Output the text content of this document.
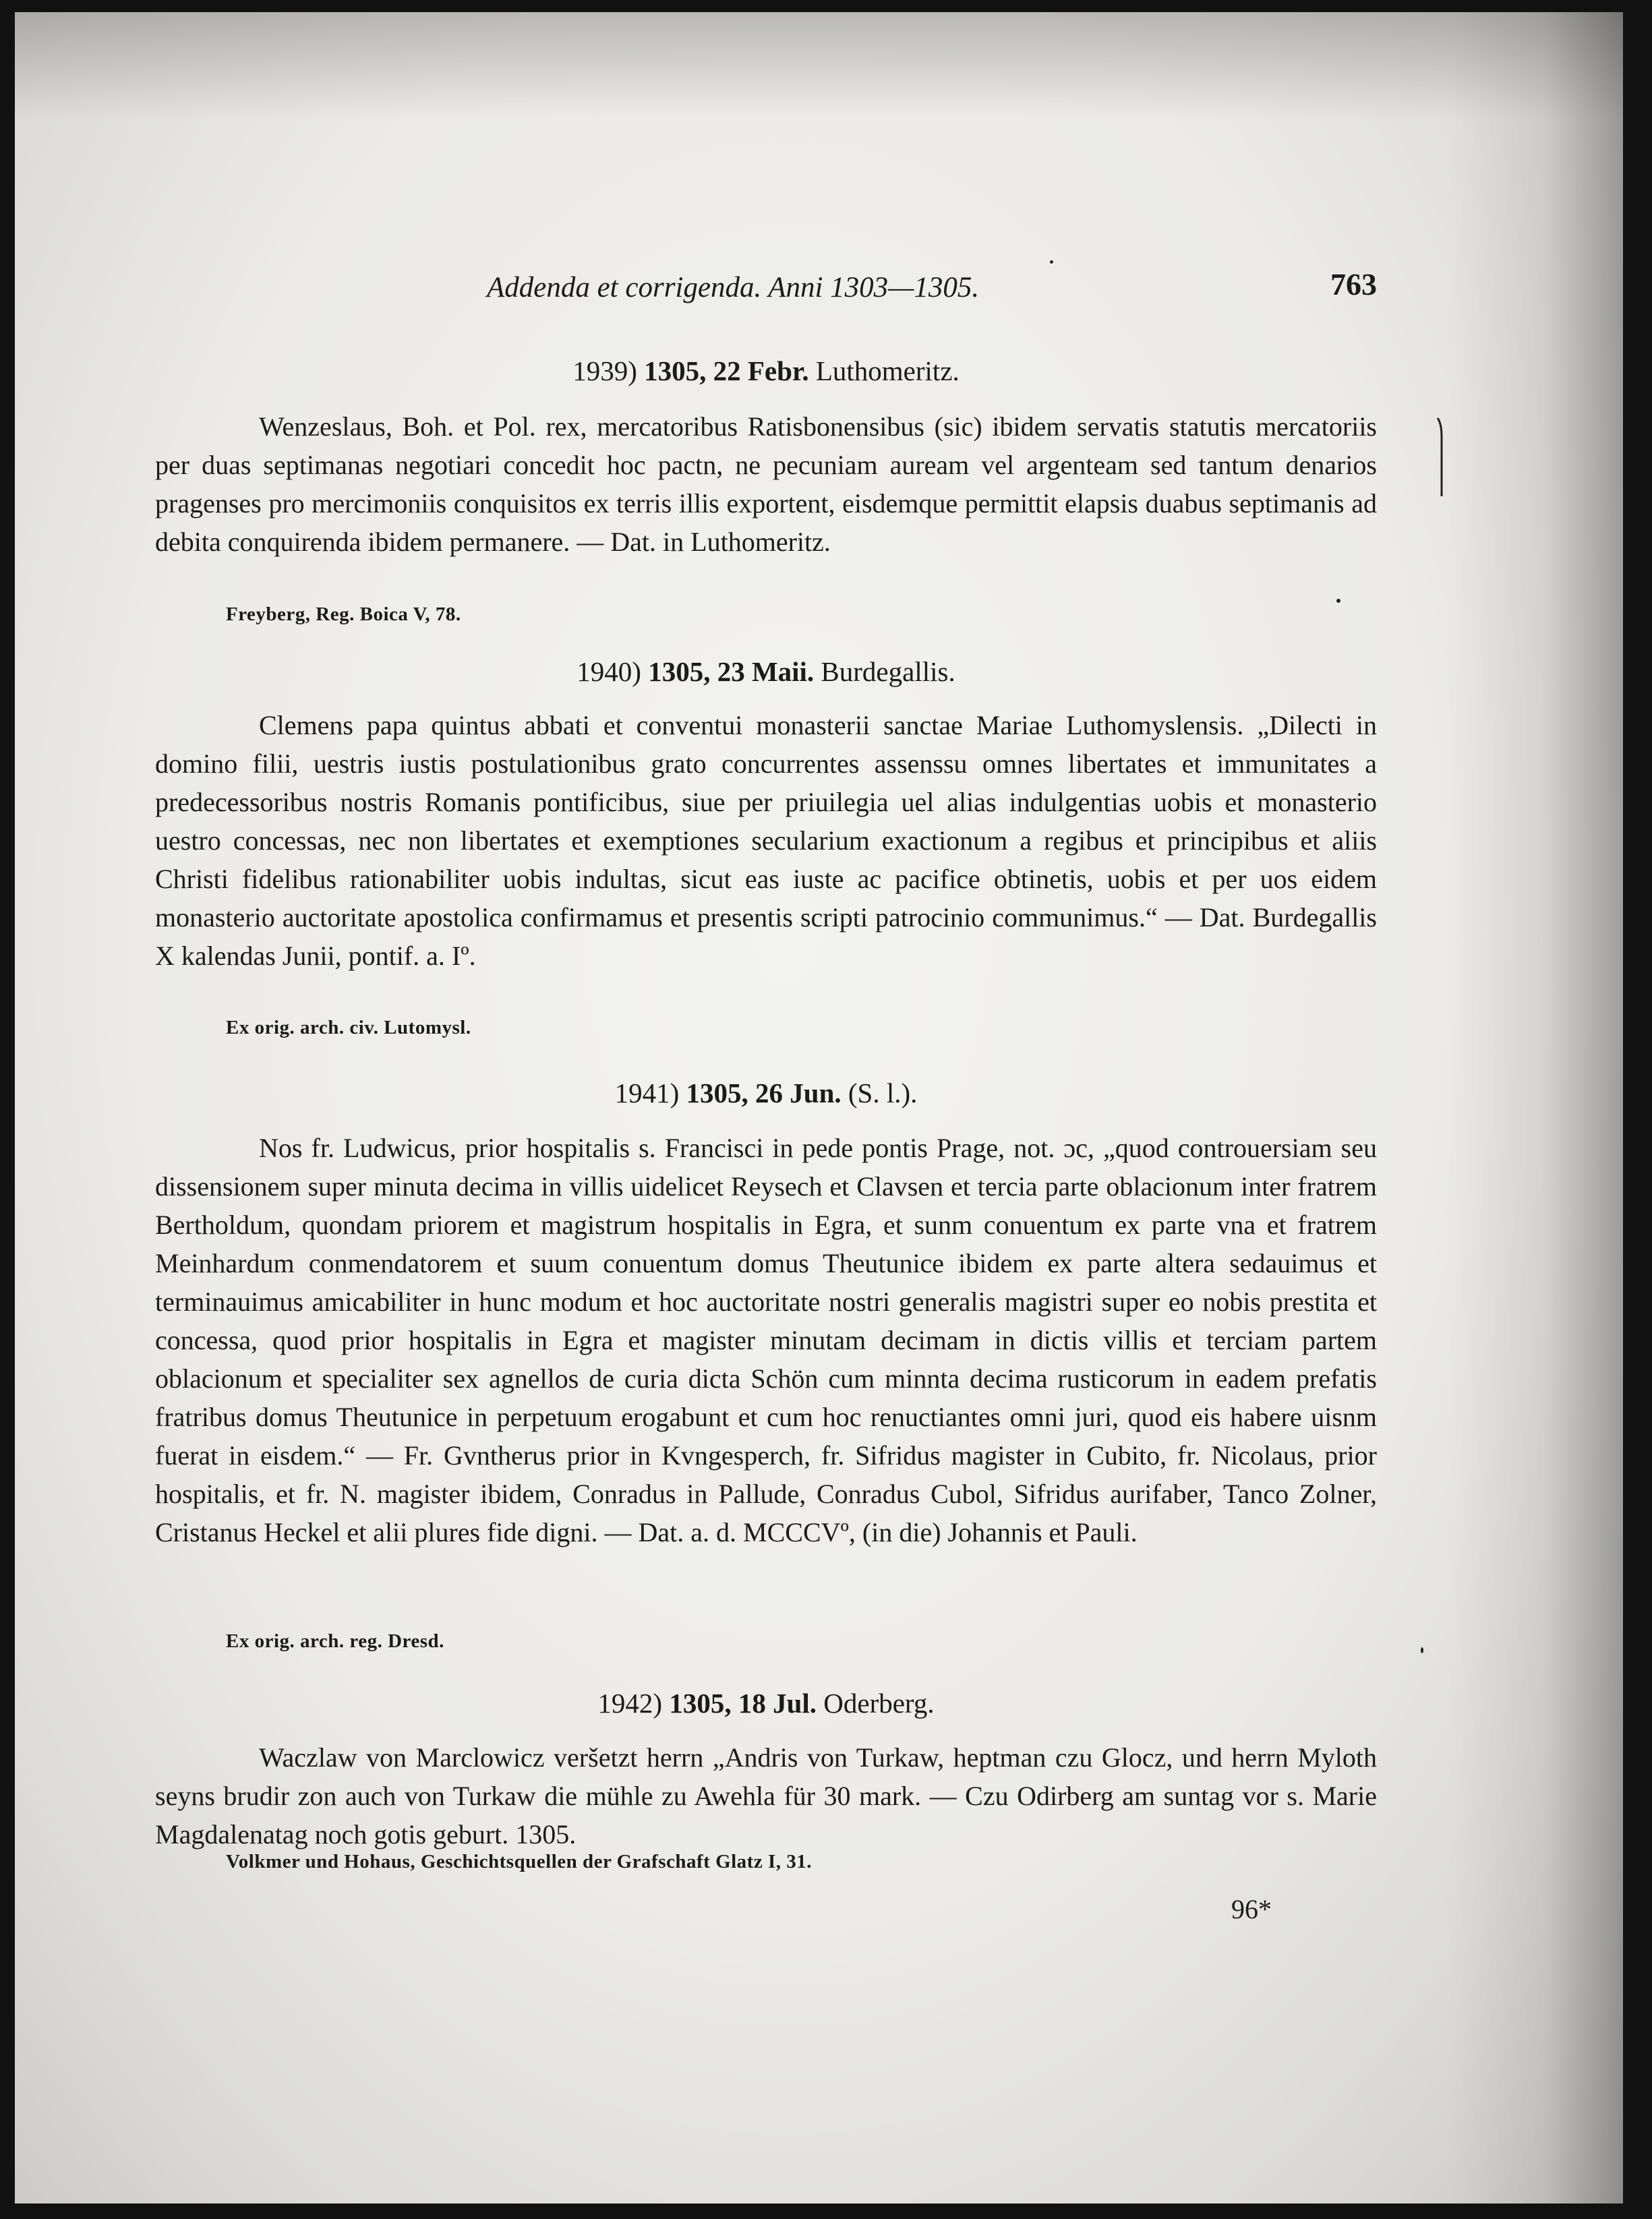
Addenda et corrigenda. Anni 1303—1305.	763
1939) 1305, 22 Febr. Luthomeritz.

Wenzeslaus, Boh. et Pol. rex, mercatoribus Ratisbonensibus (sic) ibidem servatis statutis mercatoriis per duas septimanas negotiari concedit hoc pactn, ne pecuniam auream vel argenteam sed tantum denarios pragenses pro mercimoniis conquisitos ex terris illis exportent, eisdemque permittit elapsis duabus septimanis ad debita conquirenda ibidem permanere. — Dat. in Luthomeritz.

Freyberg, Reg. Boica V, 78.
1940) 1305, 23 Maii. Burdegallis.

Clemens papa quintus abbati et conventui monasterii sanctae Mariae Luthomyslensis. „Dilecti in domino filii, uestris iustis postulationibus grato concurrentes assenssu omnes libertates et immunitates a predecessoribus nostris Romanis pontificibus, siue per priuilegia uel alias indulgentias uobis et monasterio uestro concessas, nec non libertates et exemptiones secularium exactionum a regibus et principibus et aliis Christi fidelibus rationabiliter uobis indultas, sicut eas iuste ac pacifice obtinetis, uobis et per uos eidem monasterio auctoritate apostolica confirmamus et presentis scripti patrocinio communimus.“ — Dat. Burdegallis X kalendas Junii, pontif. a. Iº.

Ex orig. arch. civ. Lutomysl.
1941) 1305, 26 Jun. (S. l.).

Nos fr. Ludwicus, prior hospitalis s. Francisci in pede pontis Prage, not. ɔc, „quod controuersiam seu dissensionem super minuta decima in villis uidelicet Reysech et Clavsen et tercia parte oblacionum inter fratrem Bertholdum, quondam priorem et magistrum hospitalis in Egra, et sunm conuentum ex parte vna et fratrem Meinhardum conmendatorem et suum conuentum domus Theutunice ibidem ex parte altera sedauimus et terminauimus amicabiliter in hunc modum et hoc auctoritate nostri generalis magistri super eo nobis prestita et concessa, quod prior hospitalis in Egra et magister minutam decimam in dictis villis et terciam partem oblacionum et specialiter sex agnellos de curia dicta Schön cum minnta decima rusticorum in eadem prefatis fratribus domus Theutunice in perpetuum erogabunt et cum hoc renuctiantes omni juri, quod eis habere uisnm fuerat in eisdem.“ — Fr. Gvntherus prior in Kvngesperch, fr. Sifridus magister in Cubito, fr. Nicolaus, prior hospitalis, et fr. N. magister ibidem, Conradus in Pallude, Conradus Cubol, Sifridus aurifaber, Tanco Zolner, Cristanus Heckel et alii plures fide digni. — Dat. a. d. MCCCVº, (in die) Johannis et Pauli.

Ex orig. arch. reg. Dresd.
1942) 1305, 18 Jul. Oderberg.

Waczlaw von Marclowicz veršetzt herrn „Andris von Turkaw, heptman czu Glocz, und herrn Myloth seyns brudir zon auch von Turkaw die mühle zu Awehla für 30 mark. — Czu Odirberg am suntag vor s. Marie Magdalenatag noch gotis geburt. 1305.

Volkmer und Hohaus, Geschichtsquellen der Grafschaft Glatz I, 31.
96*
